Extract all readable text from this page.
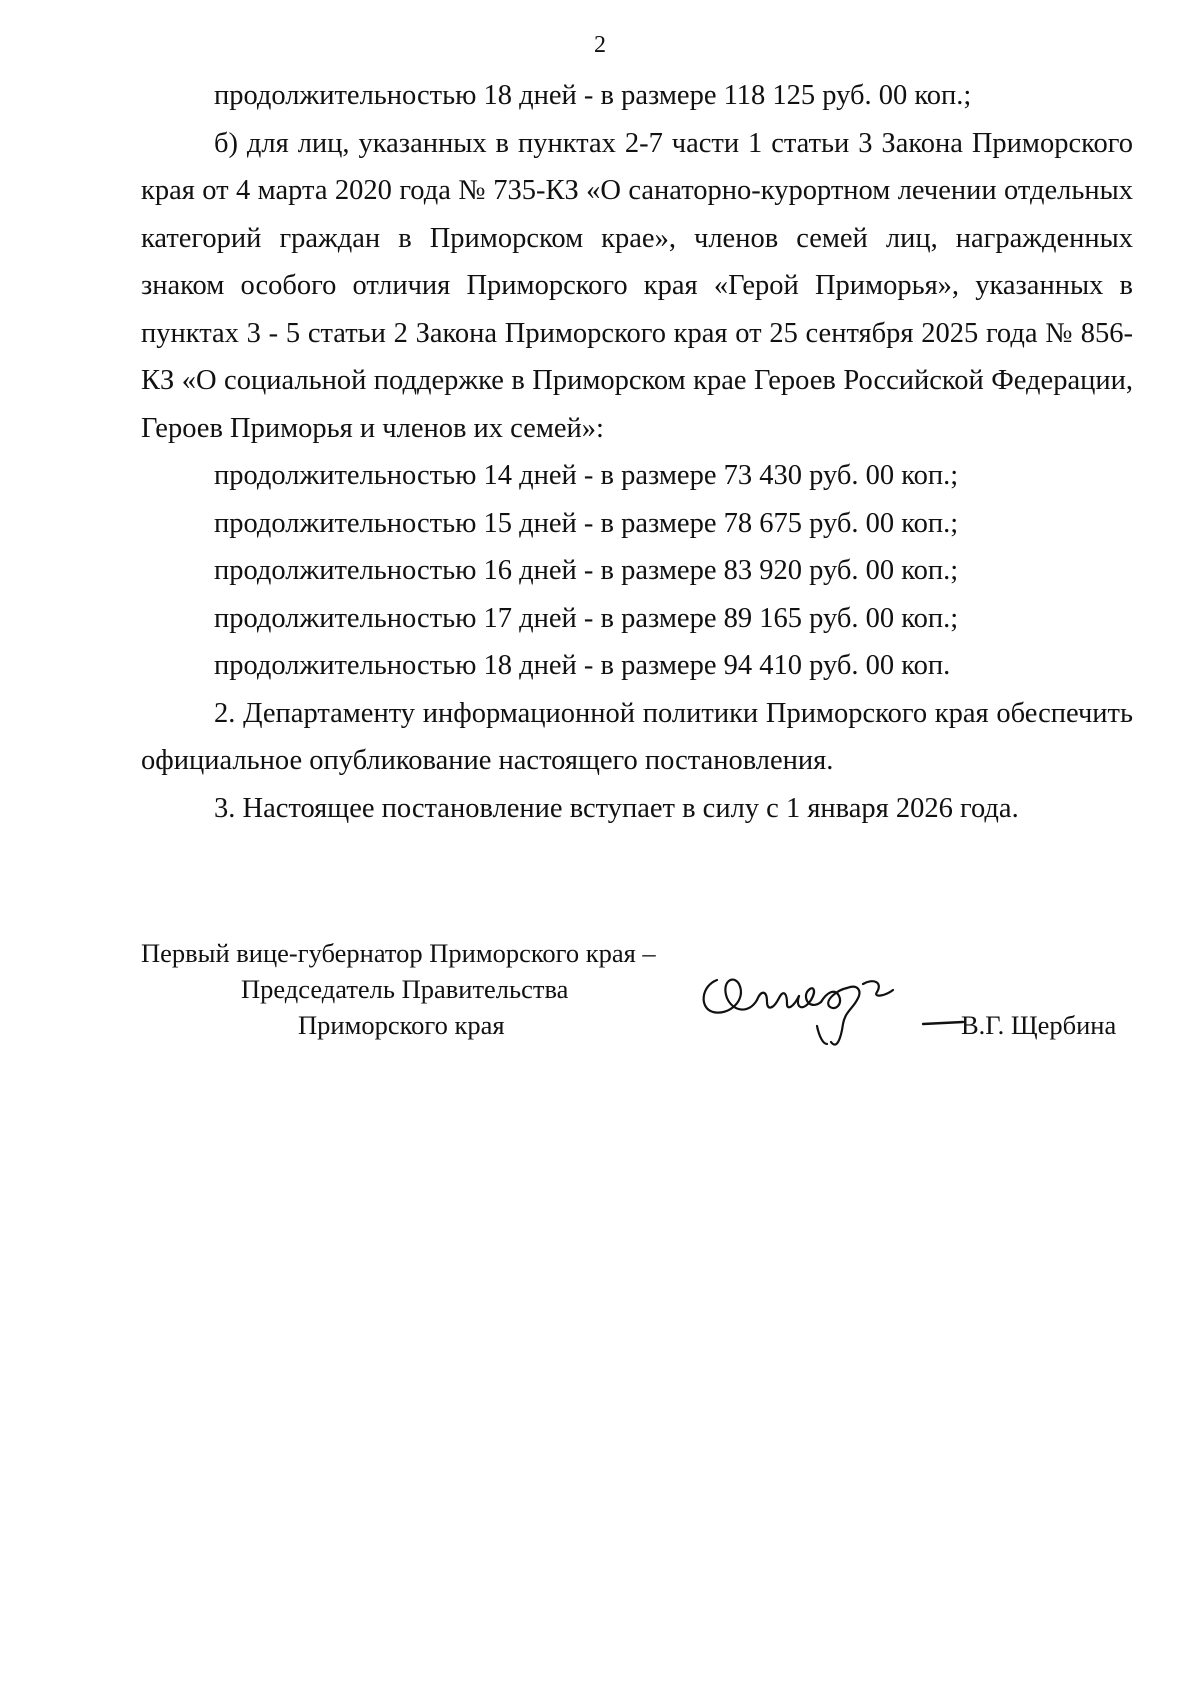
2

продолжительностью 18 дней - в размере 118 125 руб. 00 коп.;

б) для лиц, указанных в пунктах 2-7 части 1 статьи 3 Закона Приморского края от 4 марта 2020 года № 735-КЗ «О санаторно-курортном лечении отдельных категорий граждан в Приморском крае», членов семей лиц, награжденных знаком особого отличия Приморского края «Герой Приморья», указанных в пунктах 3 - 5 статьи 2 Закона Приморского края от 25 сентября 2025 года № 856-КЗ «О социальной поддержке в Приморском крае Героев Российской Федерации, Героев Приморья и членов их семей»:

продолжительностью 14 дней - в размере 73 430 руб. 00 коп.;

продолжительностью 15 дней - в размере 78 675 руб. 00 коп.;

продолжительностью 16 дней - в размере 83 920 руб. 00 коп.;

продолжительностью 17 дней - в размере 89 165 руб. 00 коп.;

продолжительностью 18 дней - в размере 94 410 руб. 00 коп.

2. Департаменту информационной политики Приморского края обеспечить официальное опубликование настоящего постановления.

3. Настоящее постановление вступает в силу с 1 января 2026 года.

Первый вице-губернатор Приморского края –
Председатель Правительства
Приморского края	В.Г. Щербина
